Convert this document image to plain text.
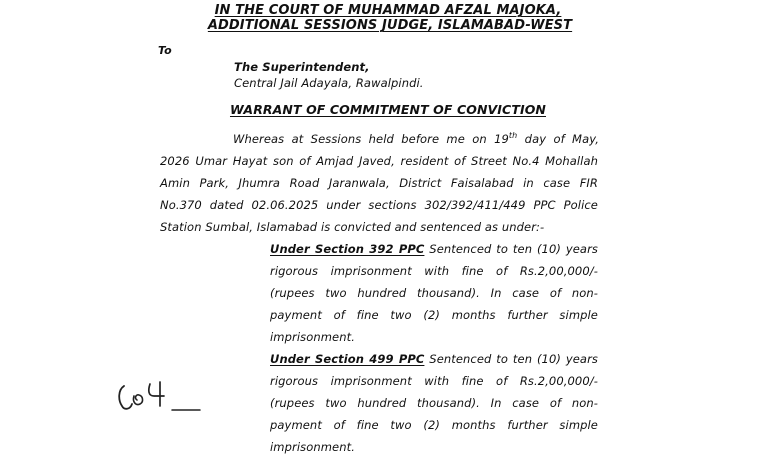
IN THE COURT OF MUHAMMAD AFZAL MAJOKA,
ADDITIONAL SESSIONS JUDGE, ISLAMABAD-WEST
To
The Superintendent,
Central Jail Adayala, Rawalpindi.
WARRANT OF COMMITMENT OF CONVICTION
Whereas at Sessions held before me on 19th day of May,
2026 Umar Hayat son of Amjad Javed, resident of Street No.4 Mohallah
Amin Park, Jhumra Road Jaranwala, District Faisalabad in case FIR
No.370 dated 02.06.2025 under sections 302/392/411/449 PPC Police
Station Sumbal, Islamabad is convicted and sentenced as under:-
Under Section 392 PPC Sentenced to ten (10) years
rigorous imprisonment with fine of Rs.2,00,000/-
(rupees two hundred thousand). In case of non-
payment of fine two (2) months further simple
imprisonment.
Under Section 499 PPC Sentenced to ten (10) years
rigorous imprisonment with fine of Rs.2,00,000/-
(rupees two hundred thousand). In case of non-
payment of fine two (2) months further simple
imprisonment.
